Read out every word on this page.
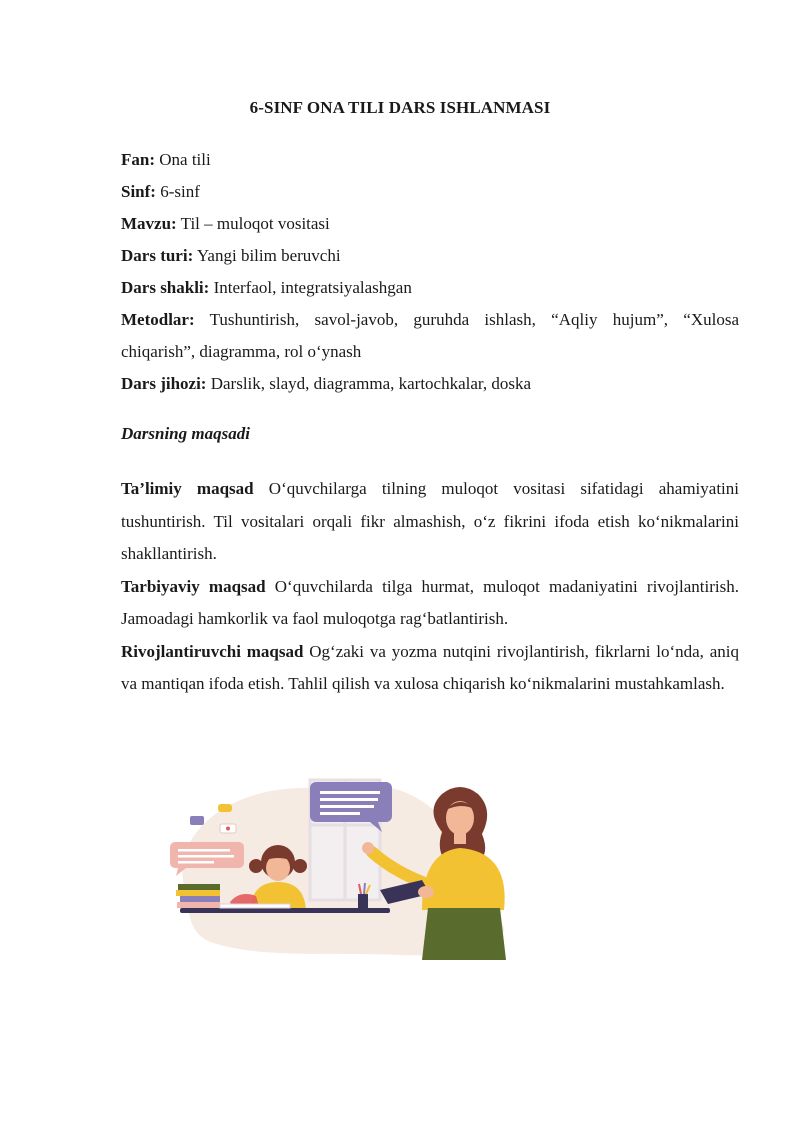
6-SINF ONA TILI DARS ISHLANMASI
Fan: Ona tili
Sinf: 6-sinf
Mavzu: Til – muloqot vositasi
Dars turi: Yangi bilim beruvchi
Dars shakli: Interfaol, integratsiyalashgan
Metodlar: Tushuntirish, savol-javob, guruhda ishlash, “Aqliy hujum”, “Xulosa chiqarish”, diagramma, rol o‘ynash
Dars jihozi: Darslik, slayd, diagramma, kartochkalar, doska
Darsning maqsadi

Ta’limiy maqsad O‘quvchilarga tilning muloqot vositasi sifatidagi ahamiyatini tushuntirish. Til vositalari orqali fikr almashish, o‘z fikrini ifoda etish ko‘nikmalarini shakllantirish.

Tarbiyaviy maqsad O‘quvchilarda tilga hurmat, muloqot madaniyatini rivojlantirish. Jamoadagi hamkorlik va faol muloqotga rag‘batlantirish.

Rivojlantiruvchi maqsad Og‘zaki va yozma nutqini rivojlantirish, fikrlarni lo‘nda, aniq va mantiqan ifoda etish. Tahlil qilish va xulosa chiqarish ko‘nikmalarini mustahkamlash.
